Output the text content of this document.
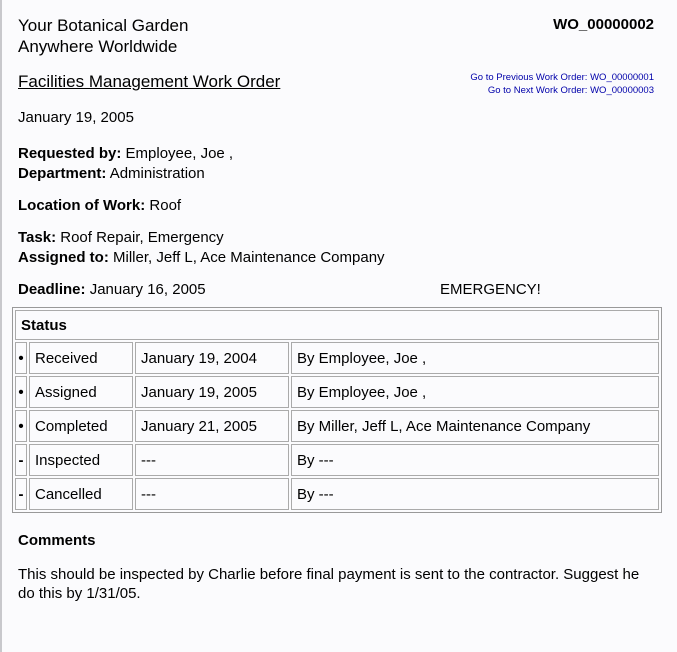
Your Botanical Garden
Anywhere Worldwide
WO_00000002
Facilities Management Work Order	Go to Previous Work Order: WO_00000001
Go to Next Work Order: WO_00000003
January 19, 2005
Requested by: Employee, Joe ,
Department: Administration
Location of Work: Roof
Task: Roof Repair, Emergency
Assigned to: Miller, Jeff L, Ace Maintenance Company
Deadline: January 16, 2005	EMERGENCY!
Status			
•	Received	January 19, 2004	By Employee, Joe ,
•	Assigned	January 19, 2005	By Employee, Joe ,
•	Completed	January 21, 2005	By Miller, Jeff L, Ace Maintenance Company
-	Inspected	---	By ---
-	Cancelled	---	By ---
Comments
This should be inspected by Charlie before final payment is sent to the contractor. Suggest he do this by 1/31/05.
